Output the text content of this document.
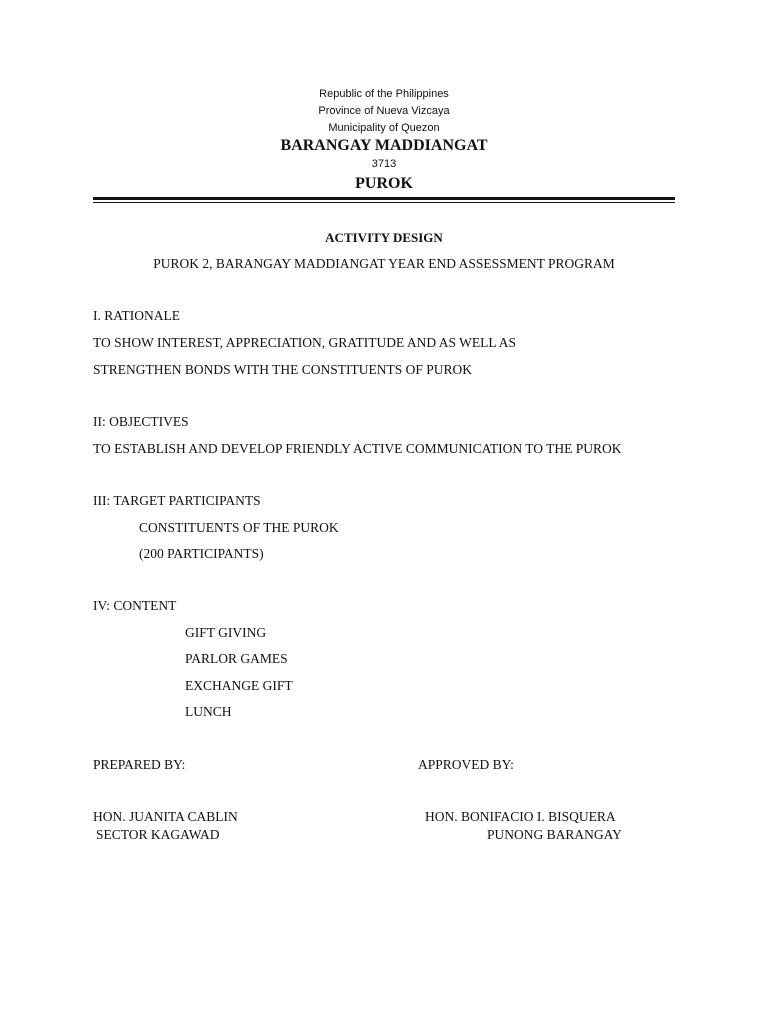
Republic of the Philippines
Province of Nueva Vizcaya
Municipality of Quezon
BARANGAY MADDIANGAT
3713
PUROK
ACTIVITY DESIGN
PUROK 2, BARANGAY MADDIANGAT YEAR END ASSESSMENT PROGRAM
I. RATIONALE
TO SHOW INTEREST, APPRECIATION, GRATITUDE AND AS WELL AS
STRENGTHEN BONDS WITH THE CONSTITUENTS OF PUROK
II: OBJECTIVES
TO ESTABLISH AND DEVELOP FRIENDLY ACTIVE COMMUNICATION TO THE PUROK
III: TARGET PARTICIPANTS
CONSTITUENTS OF THE PUROK
(200 PARTICIPANTS)
IV: CONTENT
GIFT GIVING
PARLOR GAMES
EXCHANGE GIFT
LUNCH
PREPARED BY:	APPROVED BY:
HON. JUANITA CABLIN
SECTOR KAGAWAD
HON. BONIFACIO I. BISQUERA
PUNONG BARANGAY
